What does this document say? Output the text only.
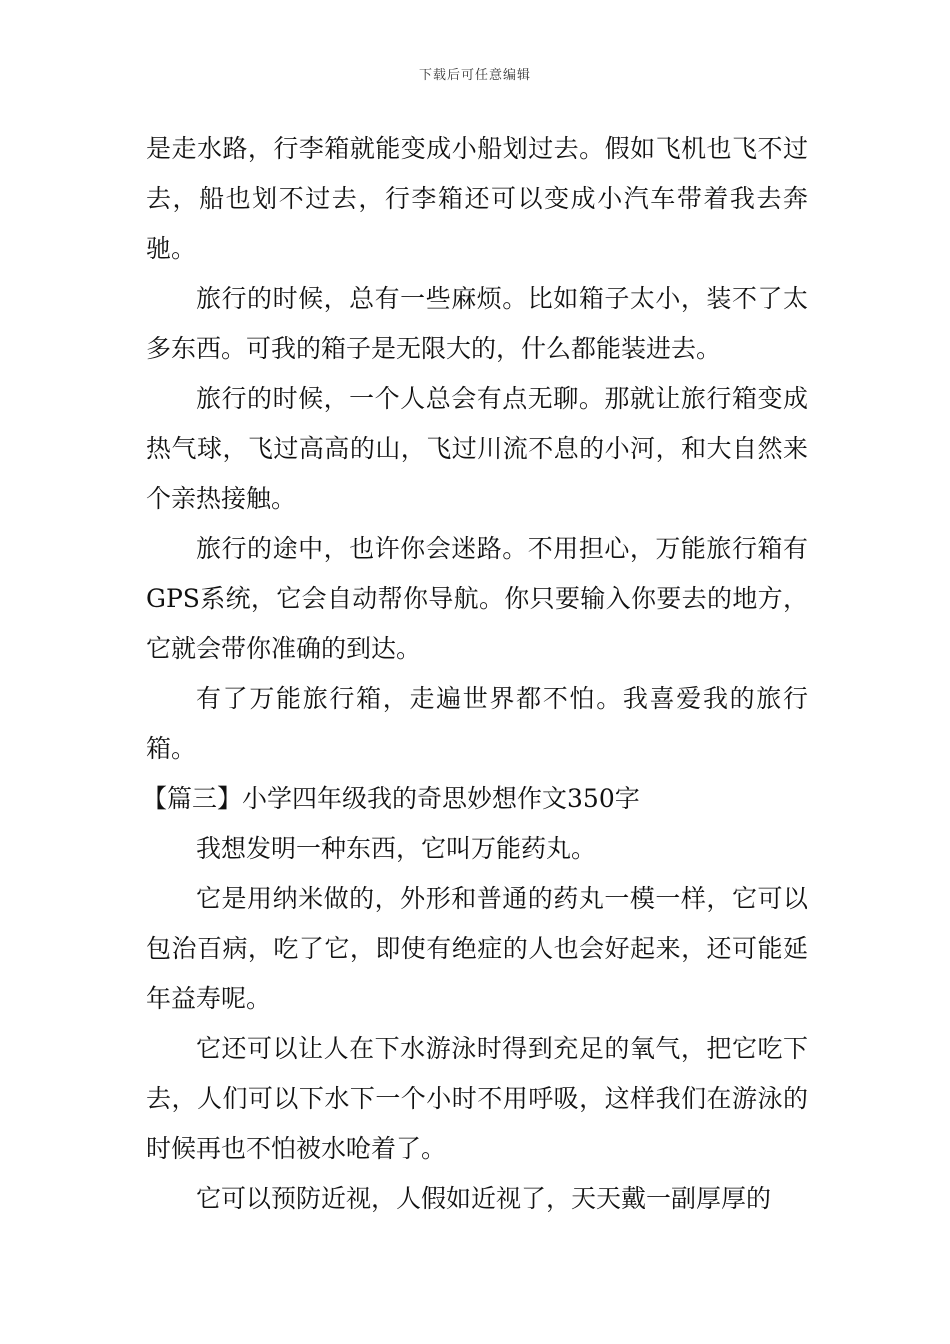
下载后可任意编辑

是走水路，行李箱就能变成小船划过去。假如飞机也飞不过去，船也划不过去，行李箱还可以变成小汽车带着我去奔驰。

旅行的时候，总有一些麻烦。比如箱子太小，装不了太多东西。可我的箱子是无限大的，什么都能装进去。

旅行的时候，一个人总会有点无聊。那就让旅行箱变成热气球，飞过高高的山，飞过川流不息的小河，和大自然来个亲热接触。

旅行的途中，也许你会迷路。不用担心，万能旅行箱有GPS系统，它会自动帮你导航。你只要输入你要去的地方，它就会带你准确的到达。

有了万能旅行箱，走遍世界都不怕。我喜爱我的旅行箱。

【篇三】小学四年级我的奇思妙想作文350字

我想发明一种东西，它叫万能药丸。

它是用纳米做的，外形和普通的药丸一模一样，它可以包治百病，吃了它，即使有绝症的人也会好起来，还可能延年益寿呢。

它还可以让人在下水游泳时得到充足的氧气，把它吃下去，人们可以下水下一个小时不用呼吸，这样我们在游泳的时候再也不怕被水呛着了。

它可以预防近视，人假如近视了，天天戴一副厚厚的
